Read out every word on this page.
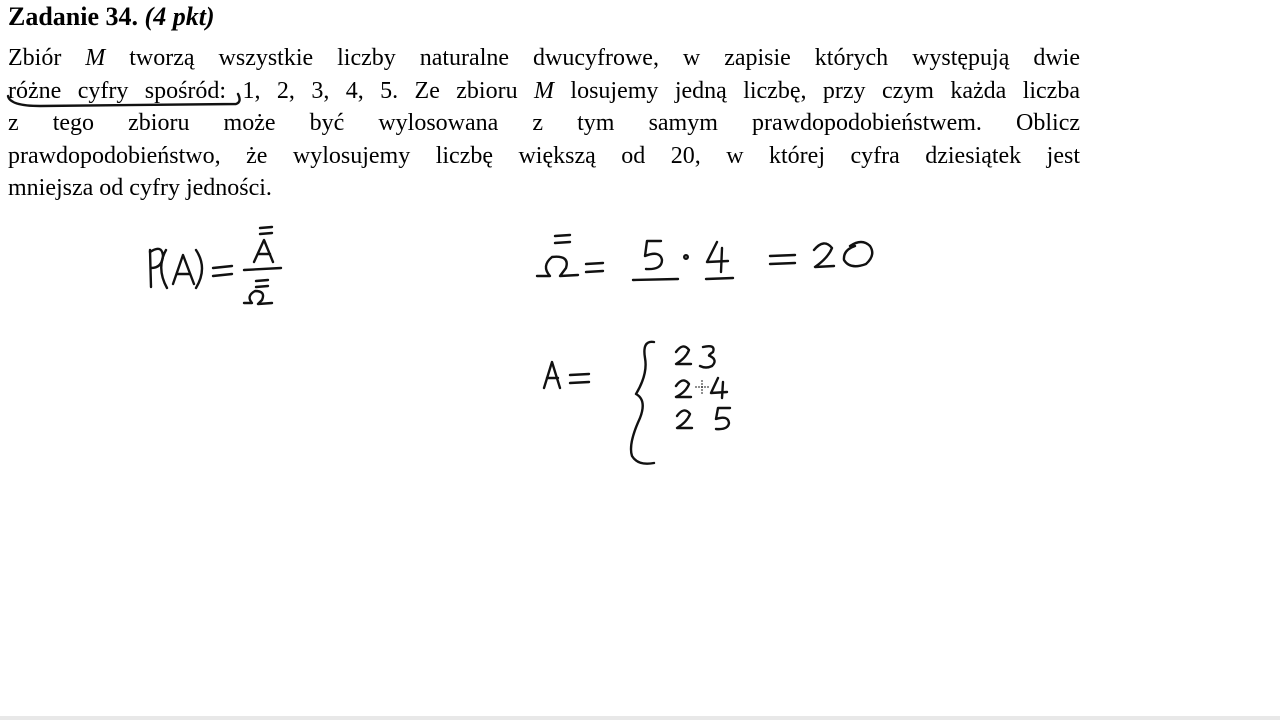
Zadanie 34. (4 pkt)
Zbiór M tworzą wszystkie liczby naturalne dwucyfrowe, w zapisie których występują dwie
różne cyfry spośród: 1, 2, 3, 4, 5. Ze zbioru M losujemy jedną liczbę, przy czym każda liczba
z tego zbioru może być wylosowana z tym samym prawdopodobieństwem. Oblicz
prawdopodobieństwo, że wylosujemy liczbę większą od 20, w której cyfra dziesiątek jest
mniejsza od cyfry jedności.
